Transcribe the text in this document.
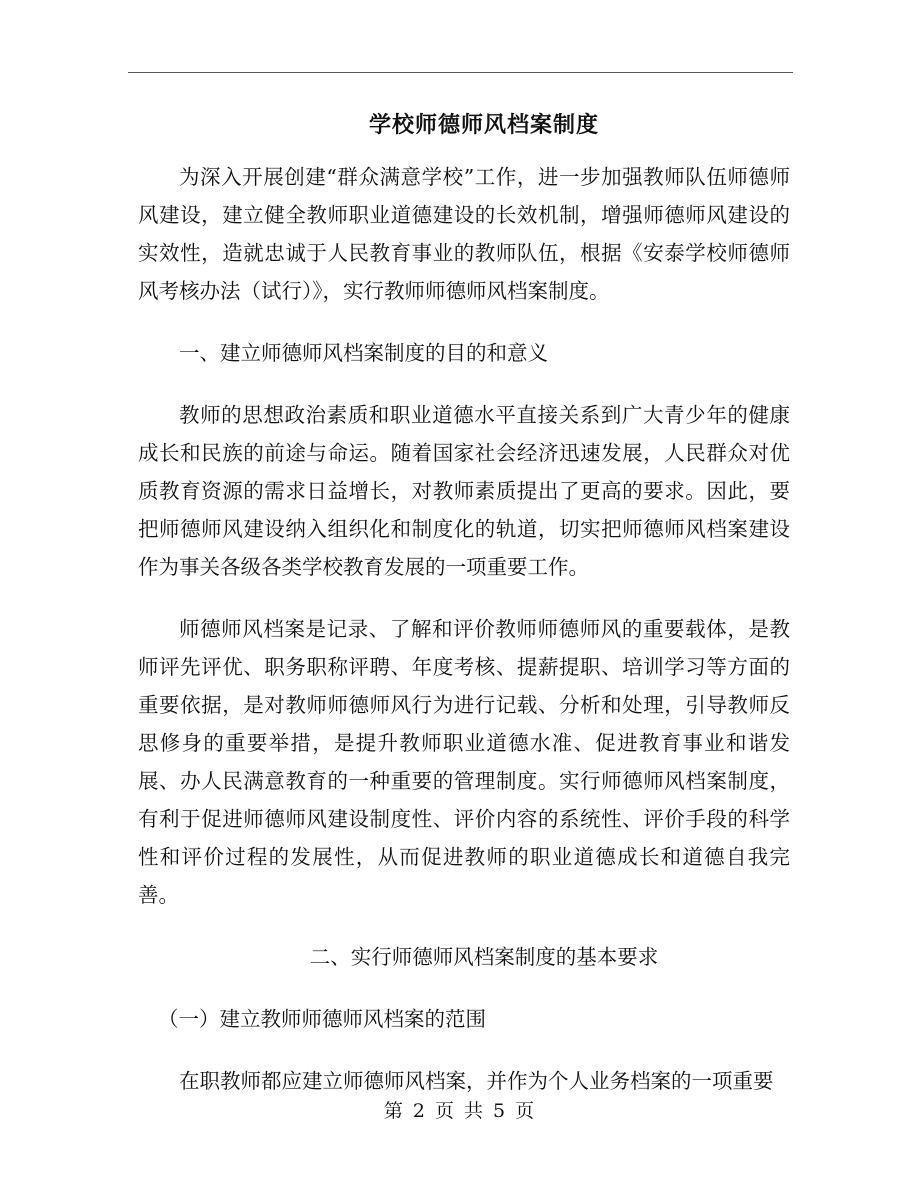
学校师德师风档案制度

为深入开展创建“群众满意学校”工作，进一步加强教师队伍师德师风建设，建立健全教师职业道德建设的长效机制，增强师德师风建设的实效性，造就忠诚于人民教育事业的教师队伍，根据《安泰学校师德师风考核办法（试行）》，实行教师师德师风档案制度。

一、建立师德师风档案制度的目的和意义

教师的思想政治素质和职业道德水平直接关系到广大青少年的健康成长和民族的前途与命运。随着国家社会经济迅速发展，人民群众对优质教育资源的需求日益增长，对教师素质提出了更高的要求。因此，要把师德师风建设纳入组织化和制度化的轨道，切实把师德师风档案建设作为事关各级各类学校教育发展的一项重要工作。

师德师风档案是记录、了解和评价教师师德师风的重要载体，是教师评先评优、职务职称评聘、年度考核、提薪提职、培训学习等方面的重要依据，是对教师师德师风行为进行记载、分析和处理，引导教师反思修身的重要举措，是提升教师职业道德水准、促进教育事业和谐发展、办人民满意教育的一种重要的管理制度。实行师德师风档案制度，有利于促进师德师风建设制度性、评价内容的系统性、评价手段的科学性和评价过程的发展性，从而促进教师的职业道德成长和道德自我完善。

二、实行师德师风档案制度的基本要求

（一）建立教师师德师风档案的范围

在职教师都应建立师德师风档案，并作为个人业务档案的一项重要

第 2 页 共 5 页
